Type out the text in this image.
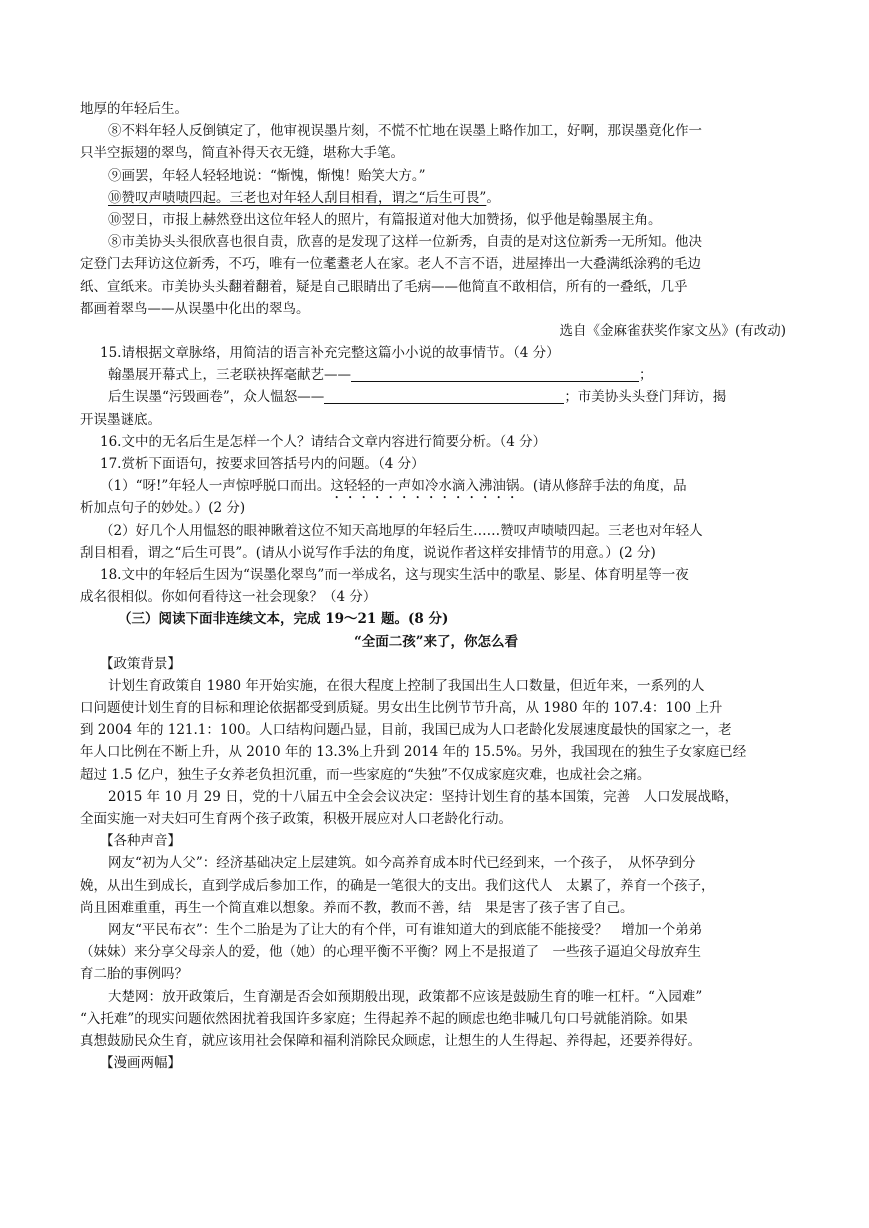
地厚的年轻后生。
⑧不料年轻人反倒镇定了，他审视误墨片刻，不慌不忙地在误墨上略作加工，好啊，那误墨竟化作一
只半空振翅的翠鸟，简直补得天衣无缝，堪称大手笔。
⑨画罢，年轻人轻轻地说：“惭愧，惭愧！贻笑大方。”
⑩赞叹声啧啧四起。三老也对年轻人刮目相看，谓之“后生可畏”。
⑩翌日，市报上赫然登出这位年轻人的照片，有篇报道对他大加赞扬，似乎他是翰墨展主角。
⑧市美协头头很欣喜也很自责，欣喜的是发现了这样一位新秀，自责的是对这位新秀一无所知。他决
定登门去拜访这位新秀，不巧，唯有一位耄耋老人在家。老人不言不语，进屋捧出一大叠满纸涂鸦的毛边
纸、宣纸来。市美协头头翻着翻着，疑是自己眼睛出了毛病——他简直不敢相信，所有的一叠纸，几乎
都画着翠鸟——从误墨中化出的翠鸟。
选自《金麻雀获奖作家文丛》(有改动)
15.请根据文章脉络，用简洁的语言补充完整这篇小小说的故事情节。（4 分）
翰墨展开幕式上，三老联袂挥毫献艺——	；
后生误墨“污毁画卷”，众人愠怒——	；市美协头头登门拜访，揭
开误墨谜底。
16.文中的无名后生是怎样一个人？请结合文章内容进行简要分析。（4 分）
17.赏析下面语句，按要求回答括号内的问题。（4 分）
（1）“呀!”年轻人一声惊呼脱口而出。这轻轻的一声如冷水滴入沸油锅。(请从修辞手法的角度，品
析加点句子的妙处。）(2 分)
（2）好几个人用愠怒的眼神瞅着这位不知天高地厚的年轻后生……赞叹声啧啧四起。三老也对年轻人
刮目相看，谓之“后生可畏”。(请从小说写作手法的角度，说说作者这样安排情节的用意。）(2 分)
18.文中的年轻后生因为“误墨化翠鸟”而一举成名，这与现实生活中的歌星、影星、体育明星等一夜
成名很相似。你如何看待这一社会现象？（4 分）
（三）阅读下面非连续文本，完成 19～21 题。(8 分)
“全面二孩”来了，你怎么看
【政策背景】
计划生育政策自 1980 年开始实施，在很大程度上控制了我国出生人口数量，但近年来，一系列的人
口问题使计划生育的目标和理论依据都受到质疑。男女出生比例节节升高，从 1980 年的 107.4：100 上升
到 2004 年的 121.1：100。人口结构问题凸显，目前，我国已成为人口老龄化发展速度最快的国家之一，老
年人口比例在不断上升，从 2010 年的 13.3%上升到 2014 年的 15.5%。另外，我国现在的独生子女家庭已经
超过 1.5 亿户，独生子女养老负担沉重，而一些家庭的“失独”不仅成家庭灾难，也成社会之痛。
2015 年 10 月 29 日，党的十八届五中全会会议决定：坚持计划生育的基本国策，完善　人口发展战略，
全面实施一对夫妇可生育两个孩子政策，积极开展应对人口老龄化行动。
【各种声音】
网友“初为人父”：经济基础决定上层建筑。如今高养育成本时代已经到来，一个孩子，　从怀孕到分
娩，从出生到成长，直到学成后参加工作，的确是一笔很大的支出。我们这代人　太累了，养育一个孩子，
尚且困难重重，再生一个简直难以想象。养而不教，教而不善，结　果是害了孩子害了自己。
网友“平民布衣”：生个二胎是为了让大的有个伴，可有谁知道大的到底能不能接受？　增加一个弟弟
（妹妹）来分享父母亲人的爱，他（她）的心理平衡不平衡？网上不是报道了　一些孩子逼迫父母放弃生
育二胎的事例吗？
大楚网：放开政策后，生育潮是否会如预期般出现，政策都不应该是鼓励生育的唯一杠杆。“入园难”
“入托难”的现实问题依然困扰着我国许多家庭；生得起养不起的顾虑也绝非喊几句口号就能消除。如果
真想鼓励民众生育，就应该用社会保障和福利消除民众顾虑，让想生的人生得起、养得起，还要养得好。
【漫画两幅】
